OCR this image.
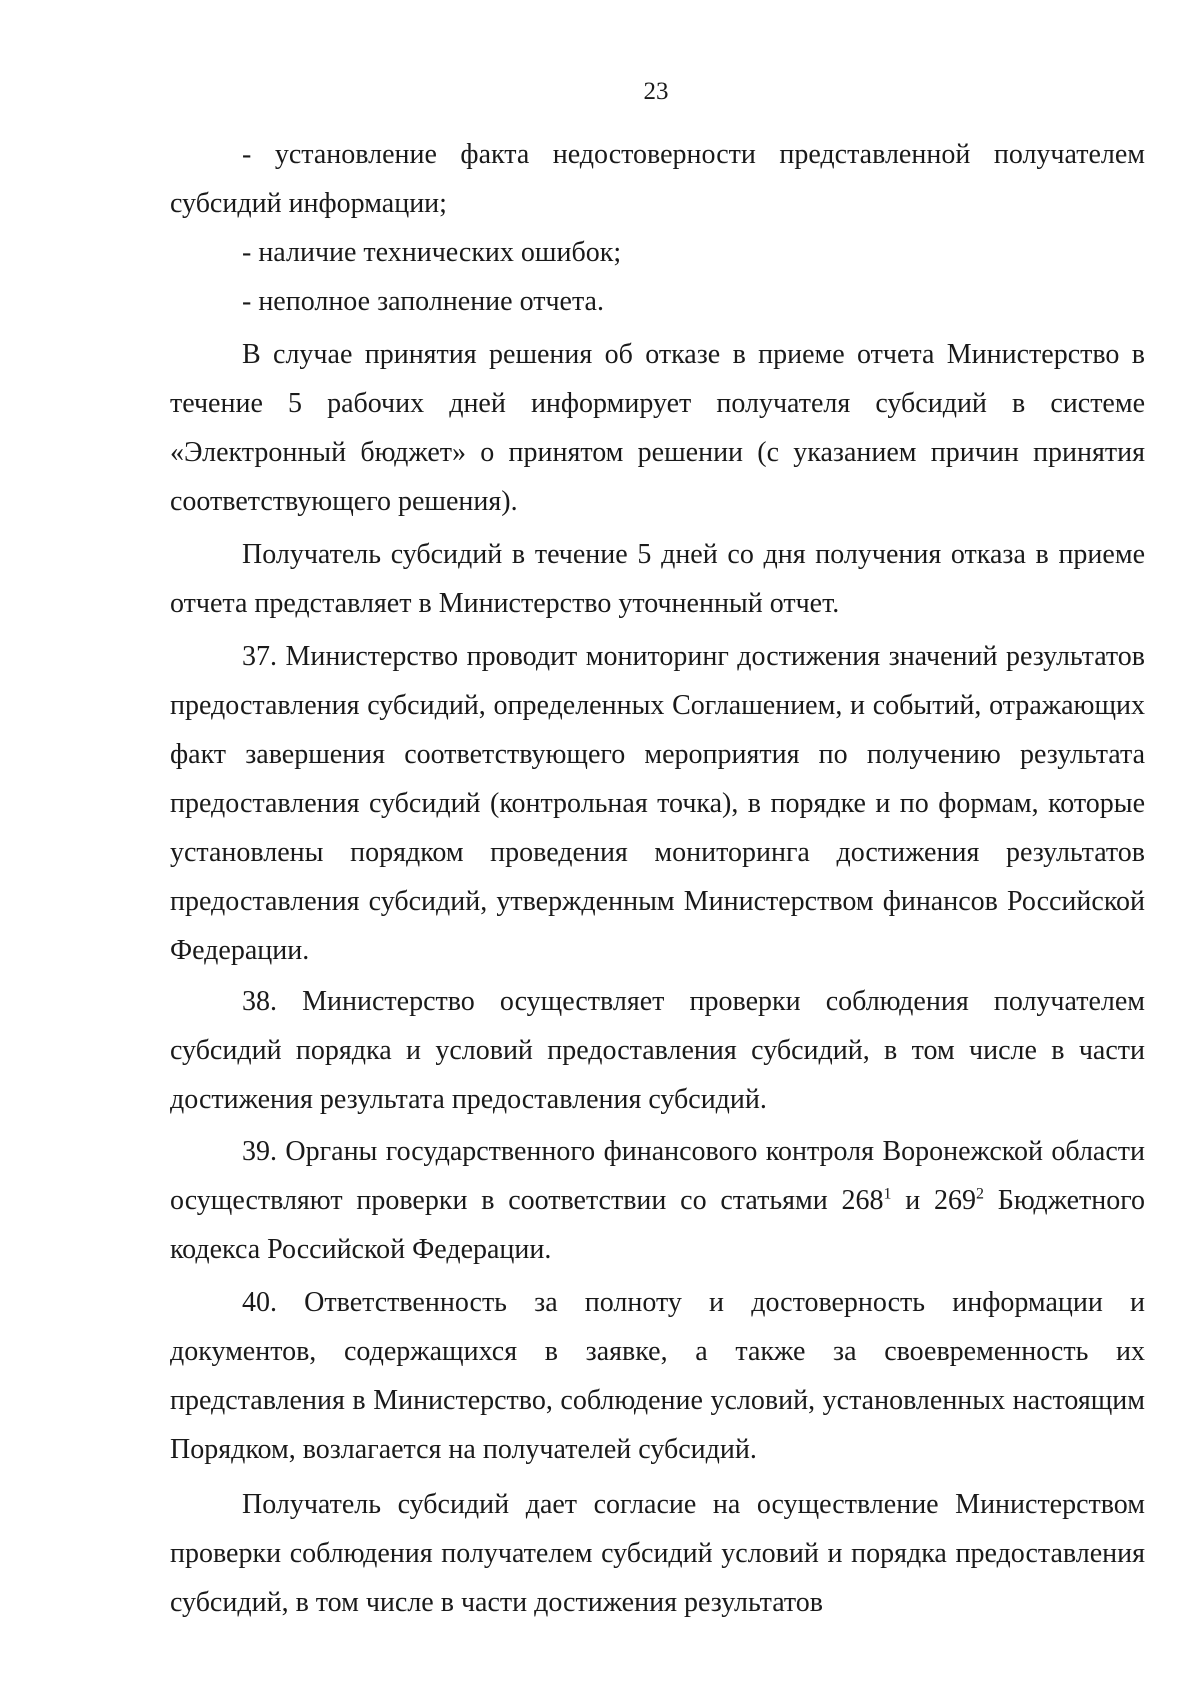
23

- установление факта недостоверности представленной получателем субсидий информации;

- наличие технических ошибок;

- неполное заполнение отчета.

В случае принятия решения об отказе в приеме отчета Министерство в течение 5 рабочих дней информирует получателя субсидий в системе «Электронный бюджет» о принятом решении (с указанием причин принятия соответствующего решения).

Получатель субсидий в течение 5 дней со дня получения отказа в приеме отчета представляет в Министерство уточненный отчет.

37. Министерство проводит мониторинг достижения значений результатов предоставления субсидий, определенных Соглашением, и событий, отражающих факт завершения соответствующего мероприятия по получению результата предоставления субсидий (контрольная точка), в порядке и по формам, которые установлены порядком проведения мониторинга достижения результатов предоставления субсидий, утвержденным Министерством финансов Российской Федерации.

38. Министерство осуществляет проверки соблюдения получателем субсидий порядка и условий предоставления субсидий, в том числе в части достижения результата предоставления субсидий.

39. Органы государственного финансового контроля Воронежской области осуществляют проверки в соответствии со статьями $268^1$ и $269^2$ Бюджетного кодекса Российской Федерации.

40. Ответственность за полноту и достоверность информации и документов, содержащихся в заявке, а также за своевременность их представления в Министерство, соблюдение условий, установленных настоящим Порядком, возлагается на получателей субсидий.

Получатель субсидий дает согласие на осуществление Министерством проверки соблюдения получателем субсидий условий и порядка предоставления субсидий, в том числе в части достижения результатов
